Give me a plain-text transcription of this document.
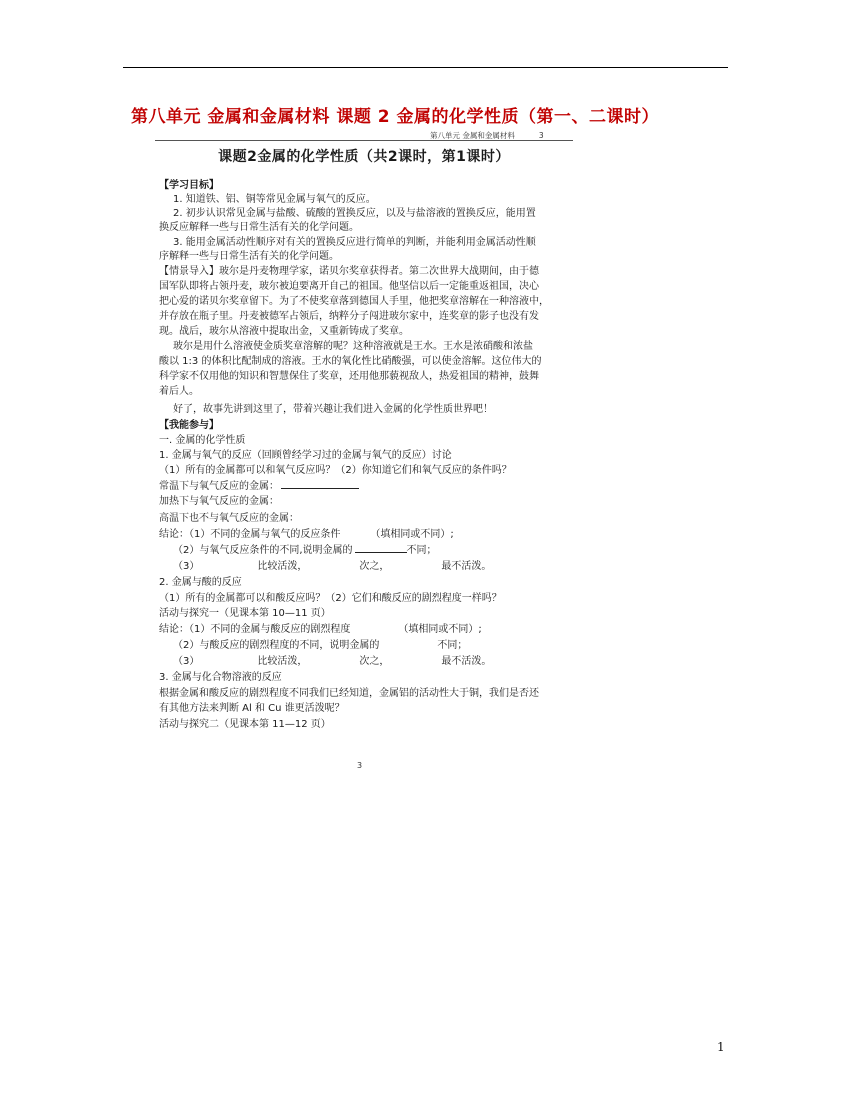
第八单元 金属和金属材料 课题 2 金属的化学性质（第一、二课时）
第八单元 金属和金属材料	3
课题2金属的化学性质（共2课时，第1课时）
【学习目标】
1. 知道铁、铝、铜等常见金属与氧气的反应。
2. 初步认识常见金属与盐酸、硫酸的置换反应，以及与盐溶液的置换反应，能用置
换反应解释一些与日常生活有关的化学问题。
3. 能用金属活动性顺序对有关的置换反应进行简单的判断，并能利用金属活动性顺
序解释一些与日常生活有关的化学问题。
【情景导入】玻尔是丹麦物理学家，诺贝尔奖章获得者。第二次世界大战期间，由于德
国军队即将占领丹麦，玻尔被迫要离开自己的祖国。他坚信以后一定能重返祖国，决心
把心爱的诺贝尔奖章留下。为了不使奖章落到德国人手里，他把奖章溶解在一种溶液中，
并存放在瓶子里。丹麦被德军占领后，纳粹分子闯进玻尔家中，连奖章的影子也没有发
现。战后，玻尔从溶液中提取出金，又重新铸成了奖章。
玻尔是用什么溶液使金质奖章溶解的呢？这种溶液就是王水。王水是浓硝酸和浓盐
酸以 1:3 的体积比配制成的溶液。王水的氧化性比硝酸强，可以使金溶解。这位伟大的
科学家不仅用他的知识和智慧保住了奖章，还用他那藐视敌人，热爱祖国的精神，鼓舞
着后人。
好了，故事先讲到这里了，带着兴趣让我们进入金属的化学性质世界吧！
【我能参与】
一. 金属的化学性质
1. 金属与氧气的反应（回顾曾经学习过的金属与氧气的反应）讨论
（1）所有的金属都可以和氧气反应吗？（2）你知道它们和氧气反应的条件吗？
常温下与氧气反应的金属：
加热下与氧气反应的金属：
高温下也不与氧气反应的金属：
结论：（1）不同的金属与氧气的反应条件	（填相同或不同）;
（2）与氧气反应条件的不同,说明金属的	不同；
（3）	比较活泼，	次之，	最不活泼。
2. 金属与酸的反应
（1）所有的金属都可以和酸反应吗？（2）它们和酸反应的剧烈程度一样吗？
活动与探究一（见课本第 10—11 页）
结论：（1）不同的金属与酸反应的剧烈程度	（填相同或不同）;
（2）与酸反应的剧烈程度的不同，说明金属的	不同；
（3）	比较活泼，	次之，	最不活泼。
3. 金属与化合物溶液的反应
根据金属和酸反应的剧烈程度不同我们已经知道，金属铝的活动性大于铜，我们是否还
有其他方法来判断 Al 和 Cu 谁更活泼呢？
活动与探究二（见课本第 11—12 页）
3
1
